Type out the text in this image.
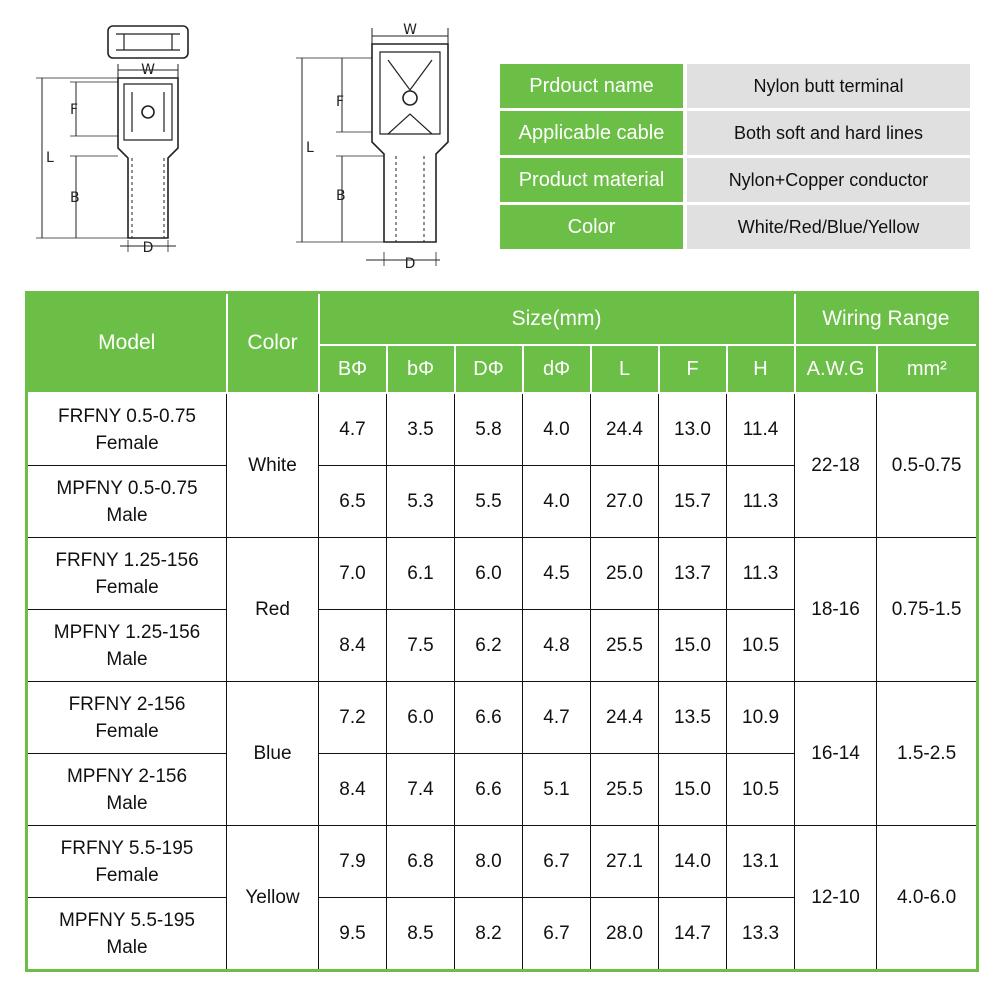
W
L
F
B
D
W
L
F
B
D
Prdouct name		Nylon butt terminal
Applicable cable		Both soft and hard lines
Product material		Nylon+Copper conductor
Color		White/Red/Blue/Yellow
Model	Color	Size(mm)							Wiring Range	
		BΦ	bΦ	DΦ	dΦ	L	F	H	A.W.G	mm²
FRFNY 0.5-0.75
Female	White	4.7	3.5	5.8	4.0	24.4	13.0	11.4	22-18	0.5-0.75
MPFNY 0.5-0.75
Male		6.5	5.3	5.5	4.0	27.0	15.7	11.3		
FRFNY 1.25-156
Female	Red	7.0	6.1	6.0	4.5	25.0	13.7	11.3	18-16	0.75-1.5
MPFNY 1.25-156
Male		8.4	7.5	6.2	4.8	25.5	15.0	10.5		
FRFNY 2-156
Female	Blue	7.2	6.0	6.6	4.7	24.4	13.5	10.9	16-14	1.5-2.5
MPFNY 2-156
Male		8.4	7.4	6.6	5.1	25.5	15.0	10.5		
FRFNY 5.5-195
Female	Yellow	7.9	6.8	8.0	6.7	27.1	14.0	13.1	12-10	4.0-6.0
MPFNY 5.5-195
Male		9.5	8.5	8.2	6.7	28.0	14.7	13.3		
